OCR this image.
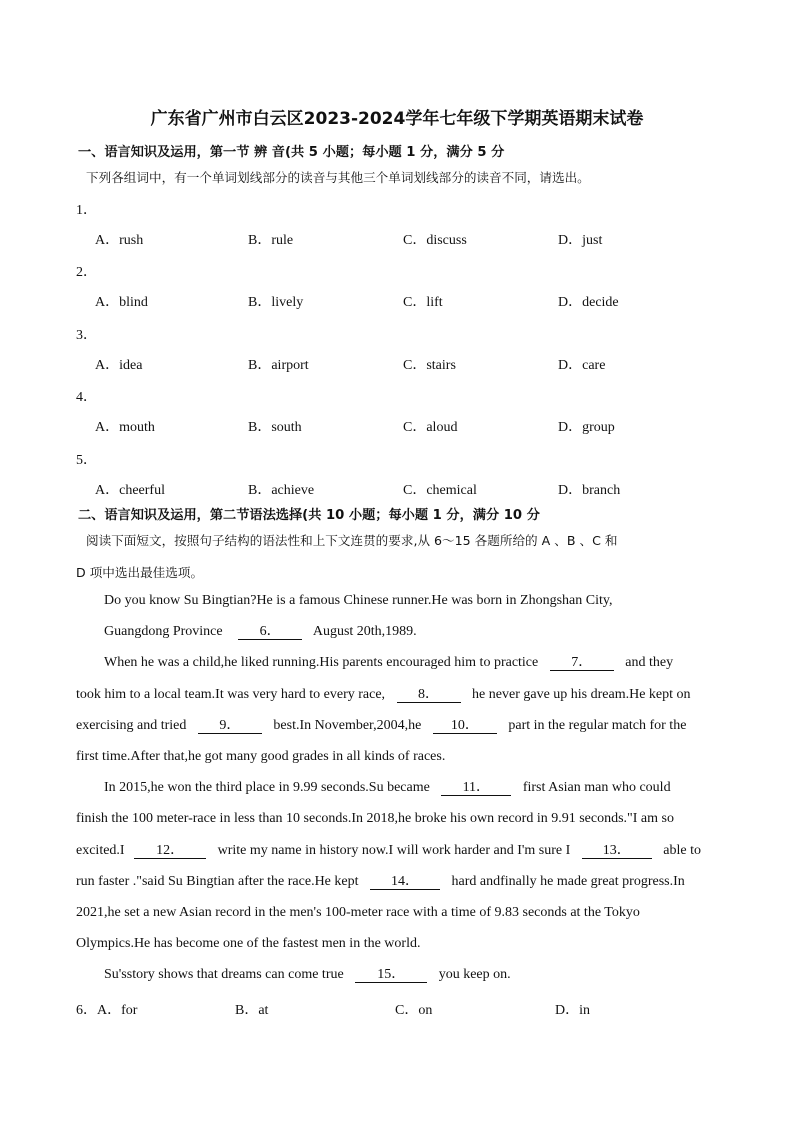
广东省广州市白云区2023-2024学年七年级下学期英语期末试卷
一、语言知识及运用，第一节 辨 音(共 5 小题；每小题 1 分，满分 5 分
下列各组词中，有一个单词划线部分的读音与其他三个单词划线部分的读音不同，请选出。
1．
A．rush	B．rule	C．discuss	D．just
2．
A．blind	B．lively	C．lift	D．decide
3．
A．idea	B．airport	C．stairs	D．care
4．
A．mouth	B．south	C．aloud	D．group
5．
A．cheerful	B．achieve	C．chemical	D．branch
二、语言知识及运用，第二节语法选择(共 10 小题；每小题 1 分，满分 10 分
阅读下面短文，按照句子结构的语法性和上下文连贯的要求,从 6～15 各题所给的 A 、B 、C 和
D 项中选出最佳选项。
Do you know Su Bingtian?He is a famous Chinese runner.He was born in Zhongshan City,
Guangdong Province	6． August 20th,1989.
When he was a child,he liked running.His parents encouraged him to practice 7． and they
took him to a local team.It was very hard to every race, 8． he never gave up his dream.He kept on
exercising and tried 9． best.In November,2004,he 10． part in the regular match for the
first time.After that,he got many good grades in all kinds of races.
In 2015,he won the third place in 9.99 seconds.Su became 11． first Asian man who could
finish the 100 meter-race in less than 10 seconds.In 2018,he broke his own record in 9.91 seconds."I am so
excited.I 12． write my name in history now.I will work harder and I'm sure I 13． able to
run faster ."said Su Bingtian after the race.He kept 14． hard andfinally he made great progress.In
2021,he set a new Asian record in the men's 100-meter race with a time of 9.83 seconds at the Tokyo
Olympics.He has become one of the fastest men in the world.
Su'sstory shows that dreams can come true 15． you keep on.
6．A．for	B．at	C．on	D．in
